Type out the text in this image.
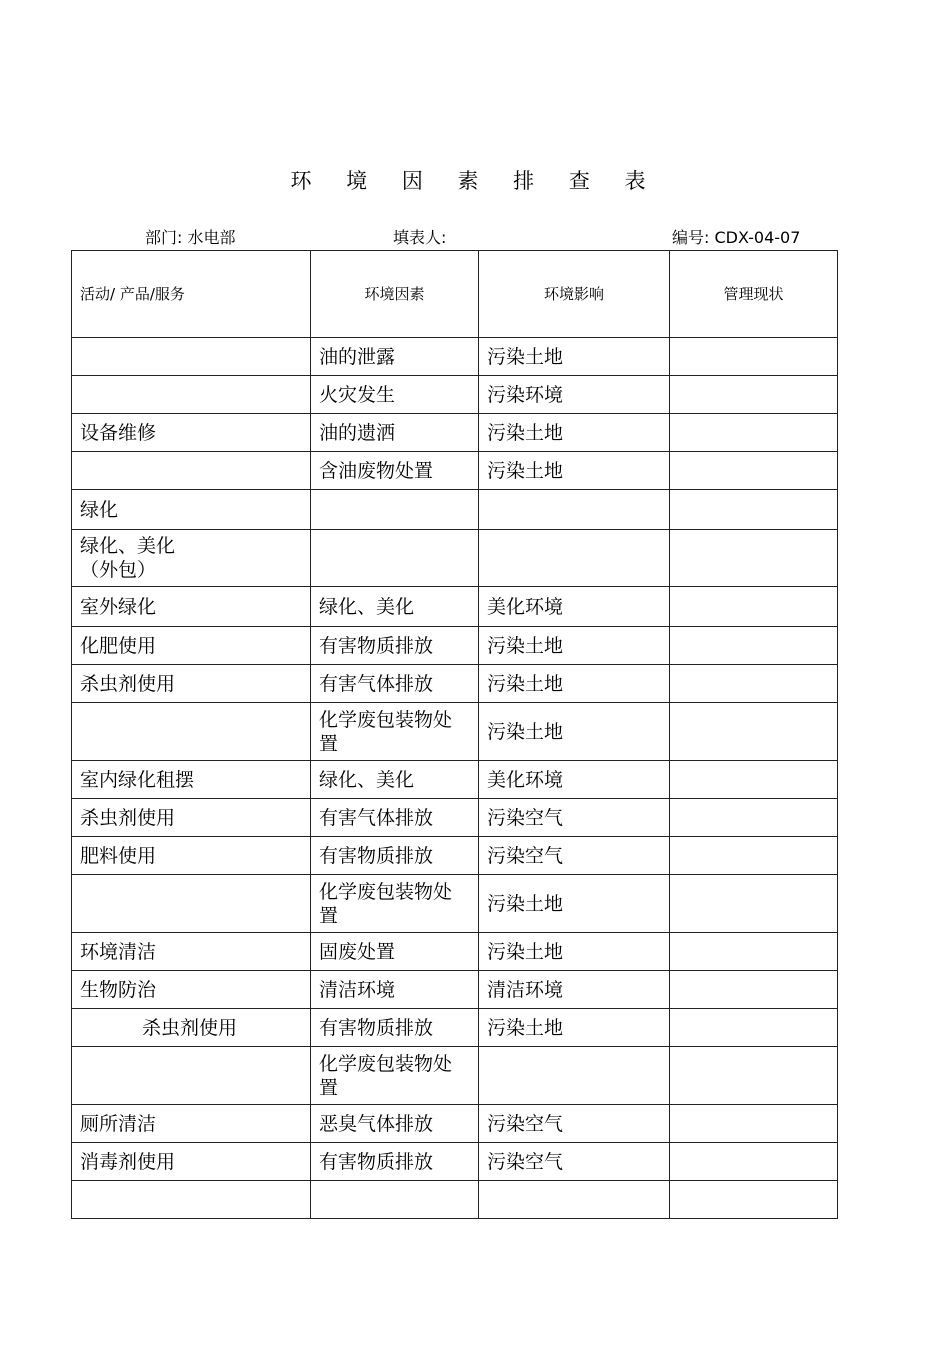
环 境 因 素 排 查 表
部门: 水电部	填表人:	编号: CDX-04-07
活动/ 产品/服务	环境因素	环境影响	管理现状
	油的泄露	污染土地	
	火灾发生	污染环境	
设备维修	油的遗洒	污染土地	
	含油废物处置	污染土地	
绿化			
绿化、美化
（外包）			
室外绿化	绿化、美化	美化环境	
化肥使用	有害物质排放	污染土地	
杀虫剂使用	有害气体排放	污染土地	
	化学废包装物处置	污染土地	
室内绿化租摆	绿化、美化	美化环境	
杀虫剂使用	有害气体排放	污染空气	
肥料使用	有害物质排放	污染空气	
	化学废包装物处置	污染土地	
环境清洁	固废处置	污染土地	
生物防治	清洁环境	清洁环境	
杀虫剂使用	有害物质排放	污染土地	
	化学废包装物处置		
厕所清洁	恶臭气体排放	污染空气	
消毒剂使用	有害物质排放	污染空气	
